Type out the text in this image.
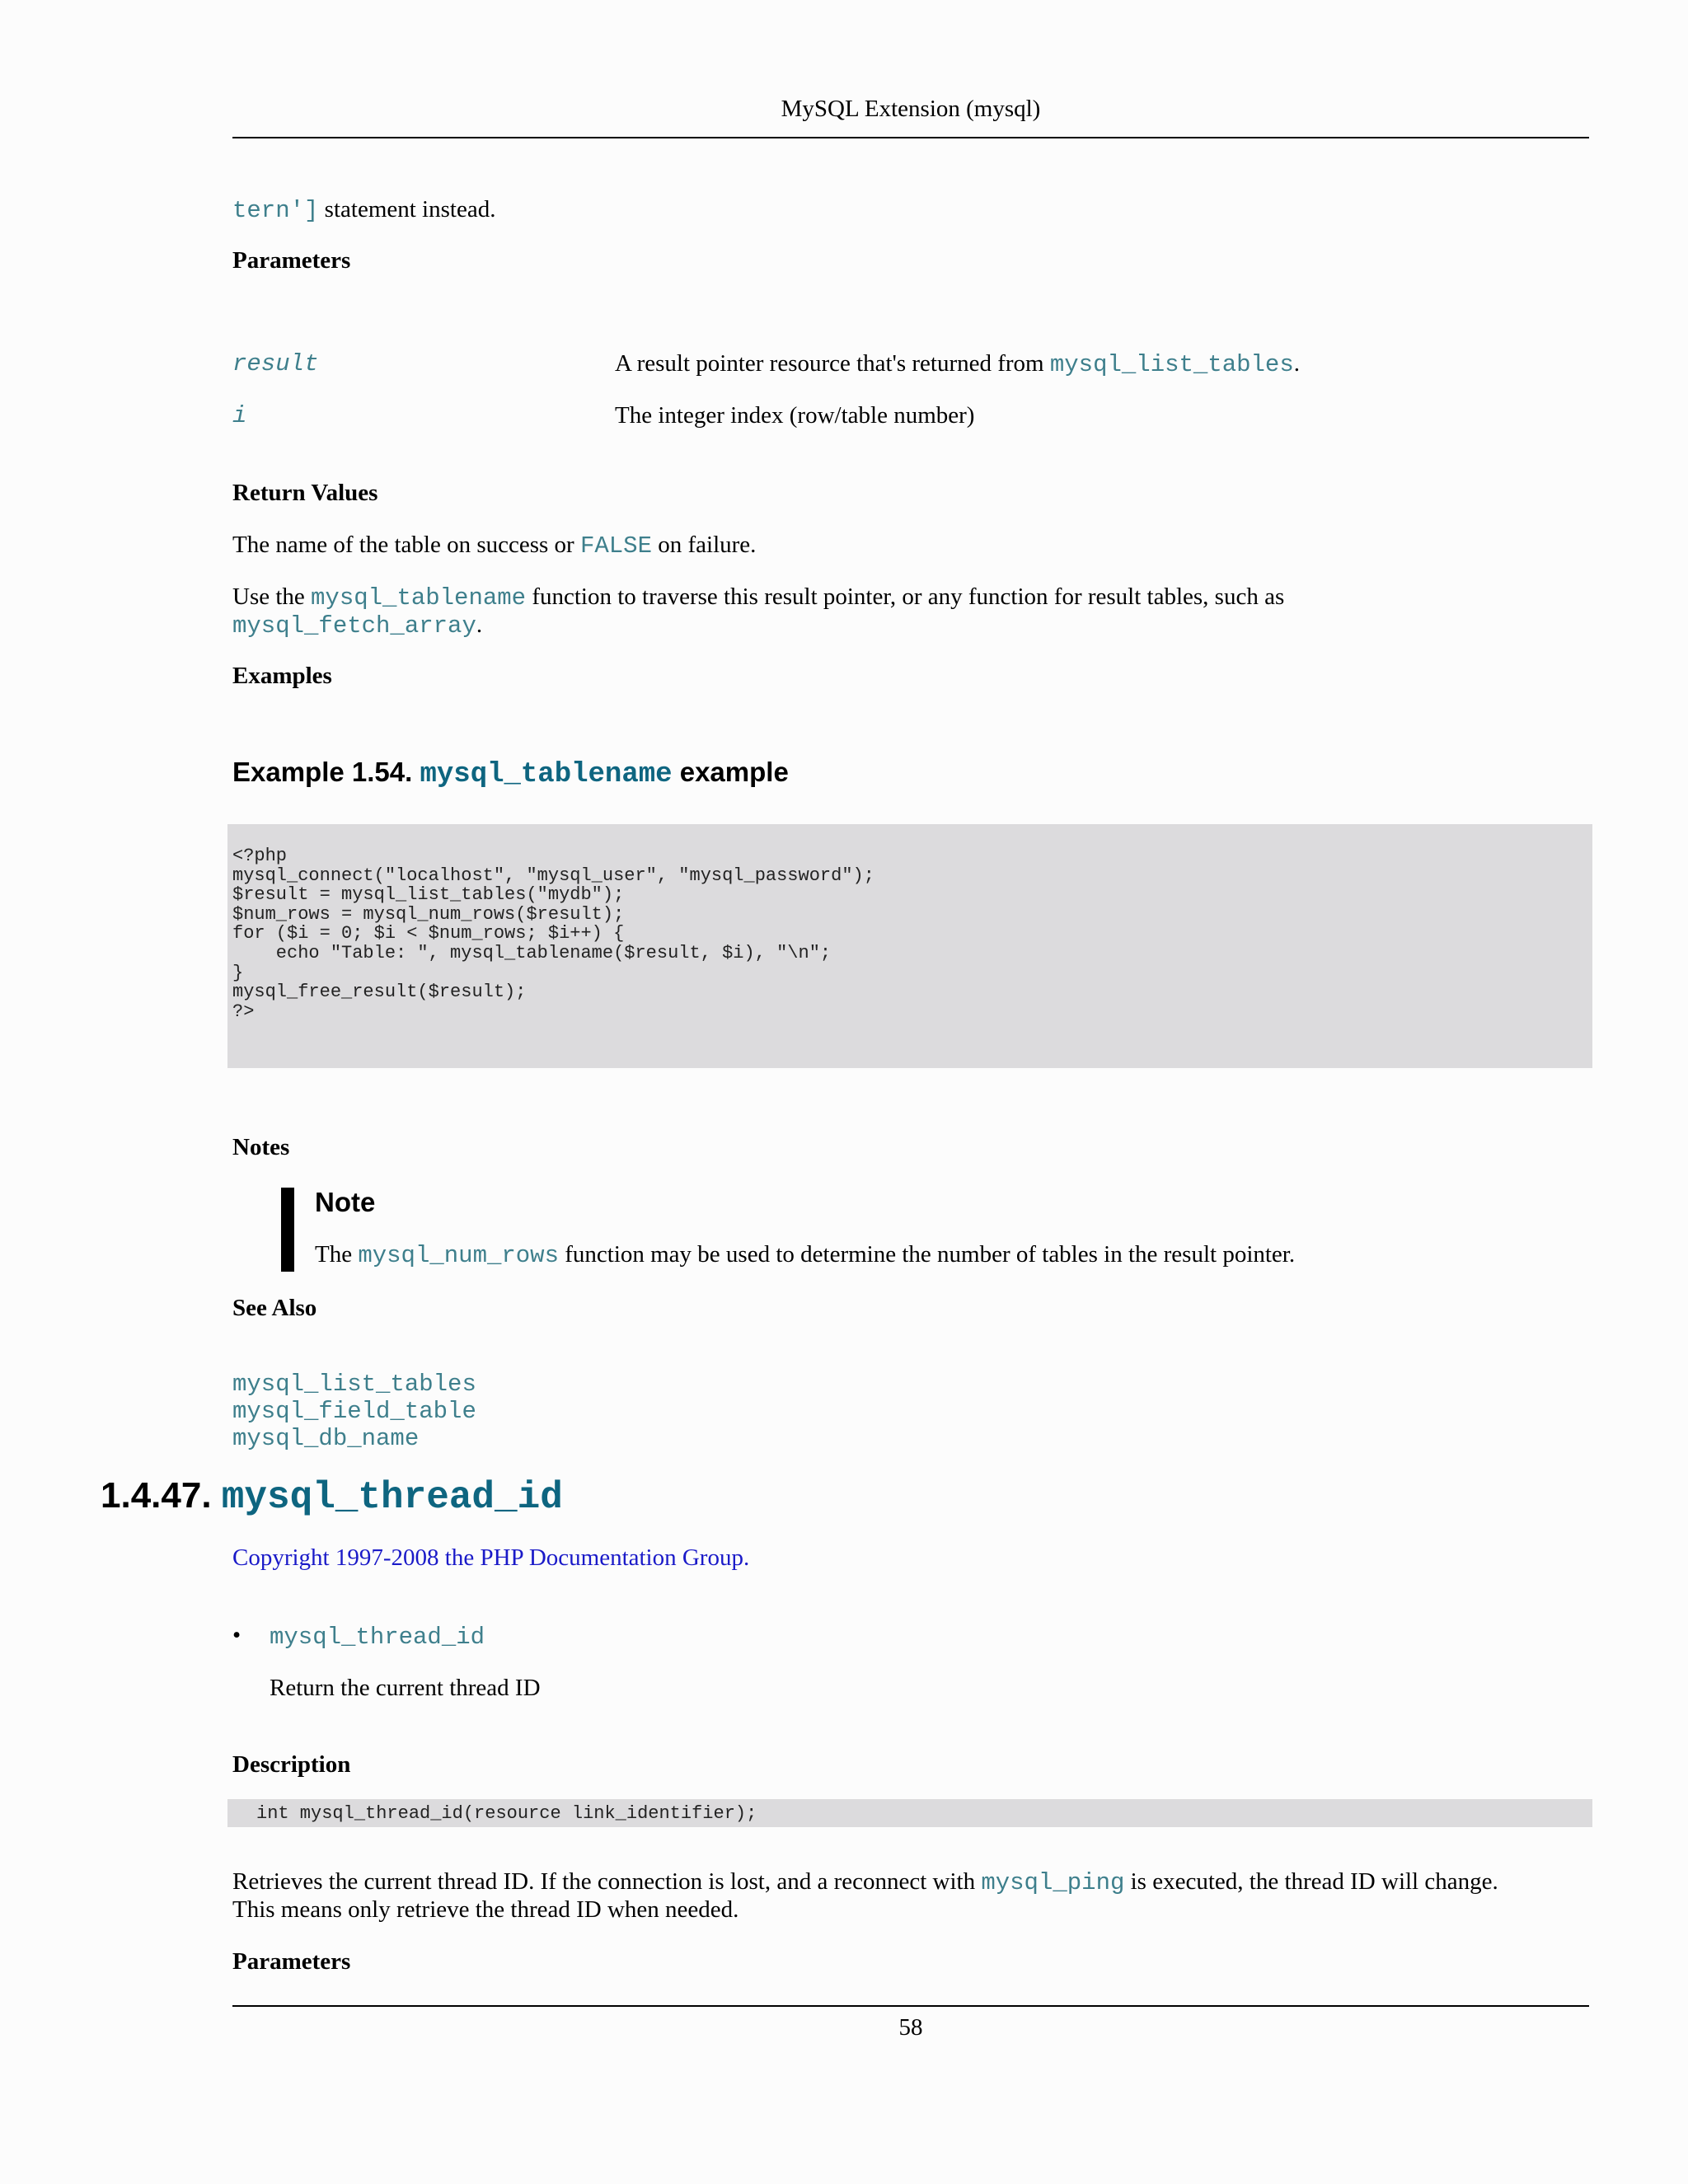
MySQL Extension (mysql)
tern'] statement instead.
Parameters
result	A result pointer resource that's returned from mysql_list_tables.
i	The integer index (row/table number)
Return Values
The name of the table on success or FALSE on failure.
Use the mysql_tablename function to traverse this result pointer, or any function for result tables, such as
mysql_fetch_array.
Examples
Example 1.54. mysql_tablename example
<?php
mysql_connect("localhost", "mysql_user", "mysql_password");
$result = mysql_list_tables("mydb");
$num_rows = mysql_num_rows($result);
for ($i = 0; $i < $num_rows; $i++) {
echo "Table: ", mysql_tablename($result, $i), "\n";
}
mysql_free_result($result);
?>
Notes
Note
The mysql_num_rows function may be used to determine the number of tables in the result pointer.
See Also
mysql_list_tables
mysql_field_table
mysql_db_name
1.4.47. mysql_thread_id
Copyright 1997-2008 the PHP Documentation Group.
• mysql_thread_id
Return the current thread ID
Description
int mysql_thread_id(resource link_identifier);
Retrieves the current thread ID. If the connection is lost, and a reconnect with mysql_ping is executed, the thread ID will change.
This means only retrieve the thread ID when needed.
Parameters
58
